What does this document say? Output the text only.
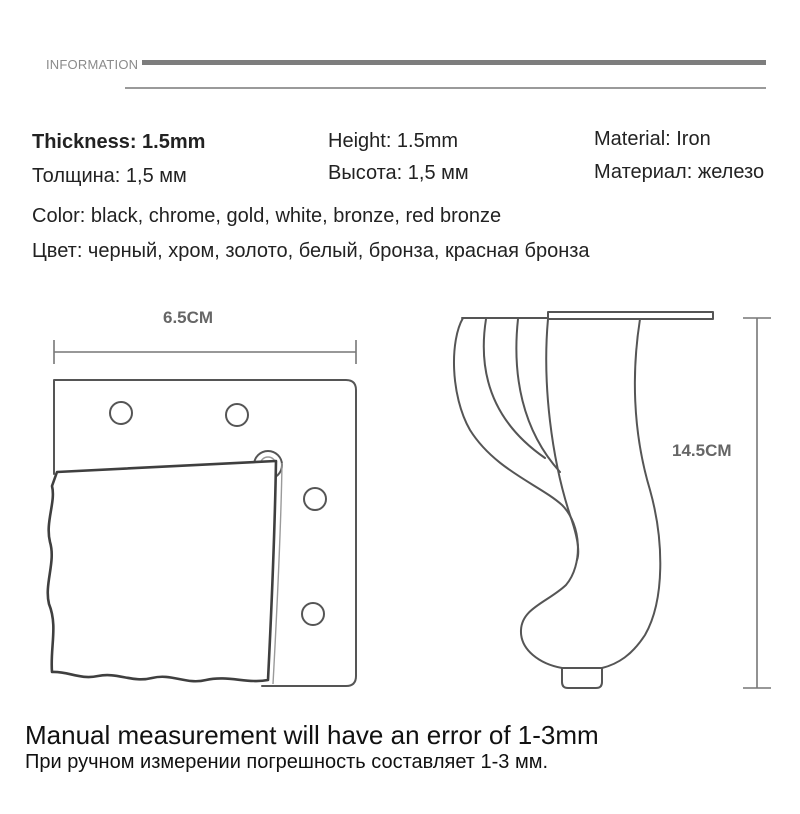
INFORMATION
Thickness: 1.5mm	Height: 1.5mm	Material: Iron
Толщина: 1,5 мм	Высота: 1,5 мм	Материал: железо
Color: black, chrome, gold, white, bronze, red bronze
Цвет: черный, хром, золото, белый, бронза, красная бронза
6.5CM
14.5CM
Manual measurement will have an error of 1-3mm
При ручном измерении погрешность составляет 1-3 мм.
